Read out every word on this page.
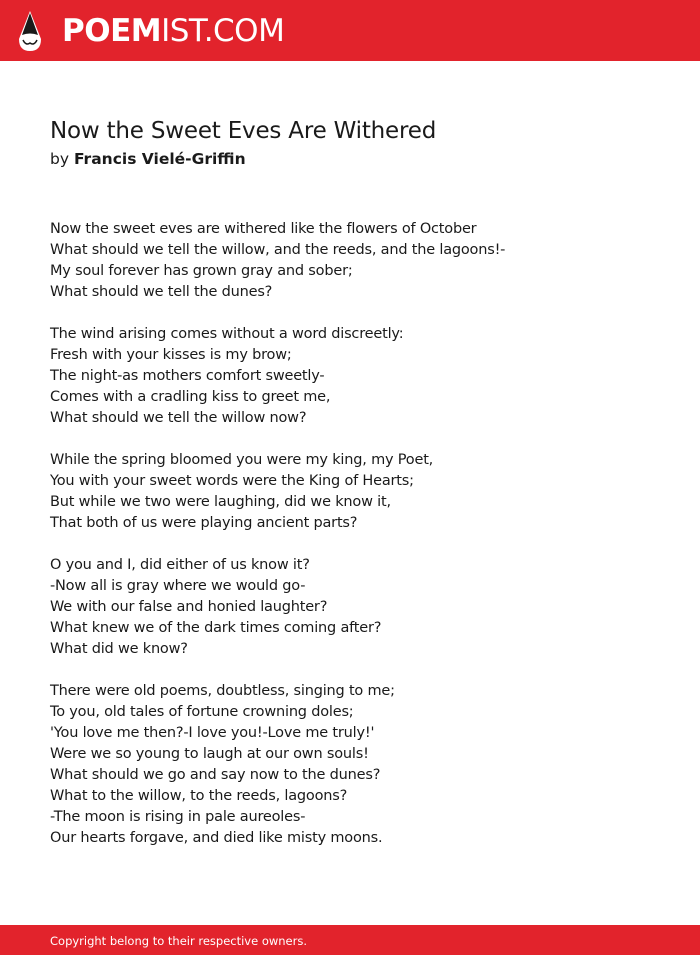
POEMIST.COM
Now the Sweet Eves Are Withered
by Francis Vielé-Griffin
Now the sweet eves are withered like the flowers of October
What should we tell the willow, and the reeds, and the lagoons!-
My soul forever has grown gray and sober;
What should we tell the dunes?
The wind arising comes without a word discreetly:
Fresh with your kisses is my brow;
The night-as mothers comfort sweetly-
Comes with a cradling kiss to greet me,
What should we tell the willow now?
While the spring bloomed you were my king, my Poet,
You with your sweet words were the King of Hearts;
But while we two were laughing, did we know it,
That both of us were playing ancient parts?
O you and I, did either of us know it?
-Now all is gray where we would go-
We with our false and honied laughter?
What knew we of the dark times coming after?
What did we know?
There were old poems, doubtless, singing to me;
To you, old tales of fortune crowning doles;
'You love me then?-I love you!-Love me truly!'
Were we so young to laugh at our own souls!
What should we go and say now to the dunes?
What to the willow, to the reeds, lagoons?
-The moon is rising in pale aureoles-
Our hearts forgave, and died like misty moons.
Copyright belong to their respective owners.
